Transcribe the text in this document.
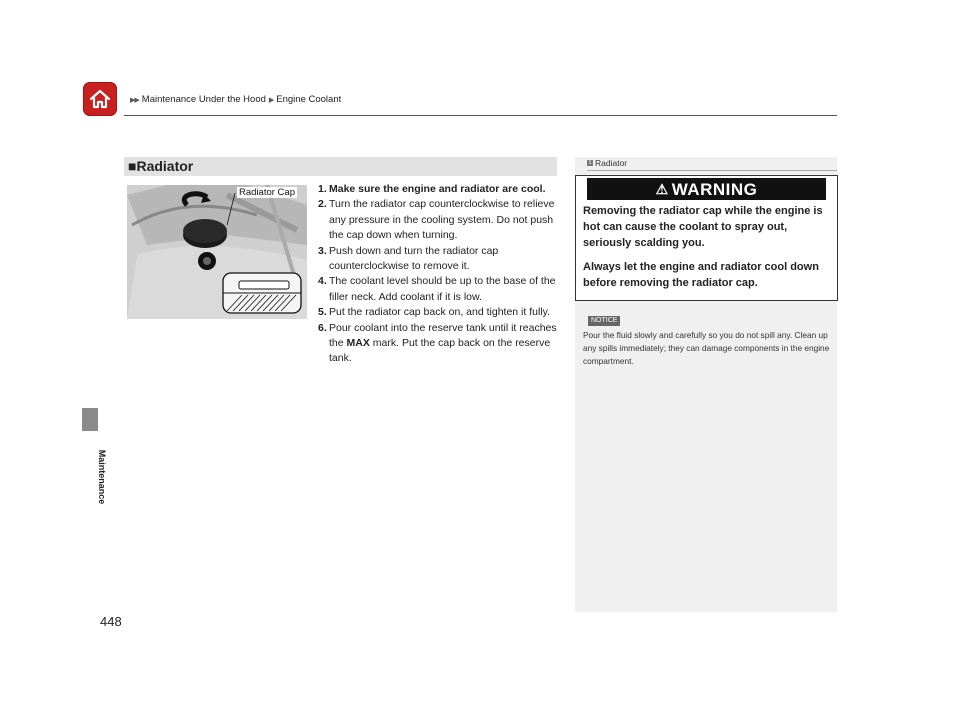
▶▶ Maintenance Under the Hood ▶ Engine Coolant
Maintenance
448
■Radiator
Radiator Cap 1. Make sure the engine and radiator are cool.
2. Turn the radiator cap counterclockwise to relieve any pressure in the cooling system. Do not push the cap down when turning.
3. Push down and turn the radiator cap counterclockwise to remove it.
4. The coolant level should be up to the base of the filler neck. Add coolant if it is low.
5. Put the radiator cap back on, and tighten it fully.
6. Pour coolant into the reserve tank until it reaches the MAX mark. Put the cap back on the reserve tank.
1 Radiator
⚠ WARNING

Removing the radiator cap while the engine is hot can cause the coolant to spray out, seriously scalding you.

Always let the engine and radiator cool down before removing the radiator cap.

NOTICE
Pour the fluid slowly and carefully so you do not spill any. Clean up any spills immediately; they can damage components in the engine compartment.
